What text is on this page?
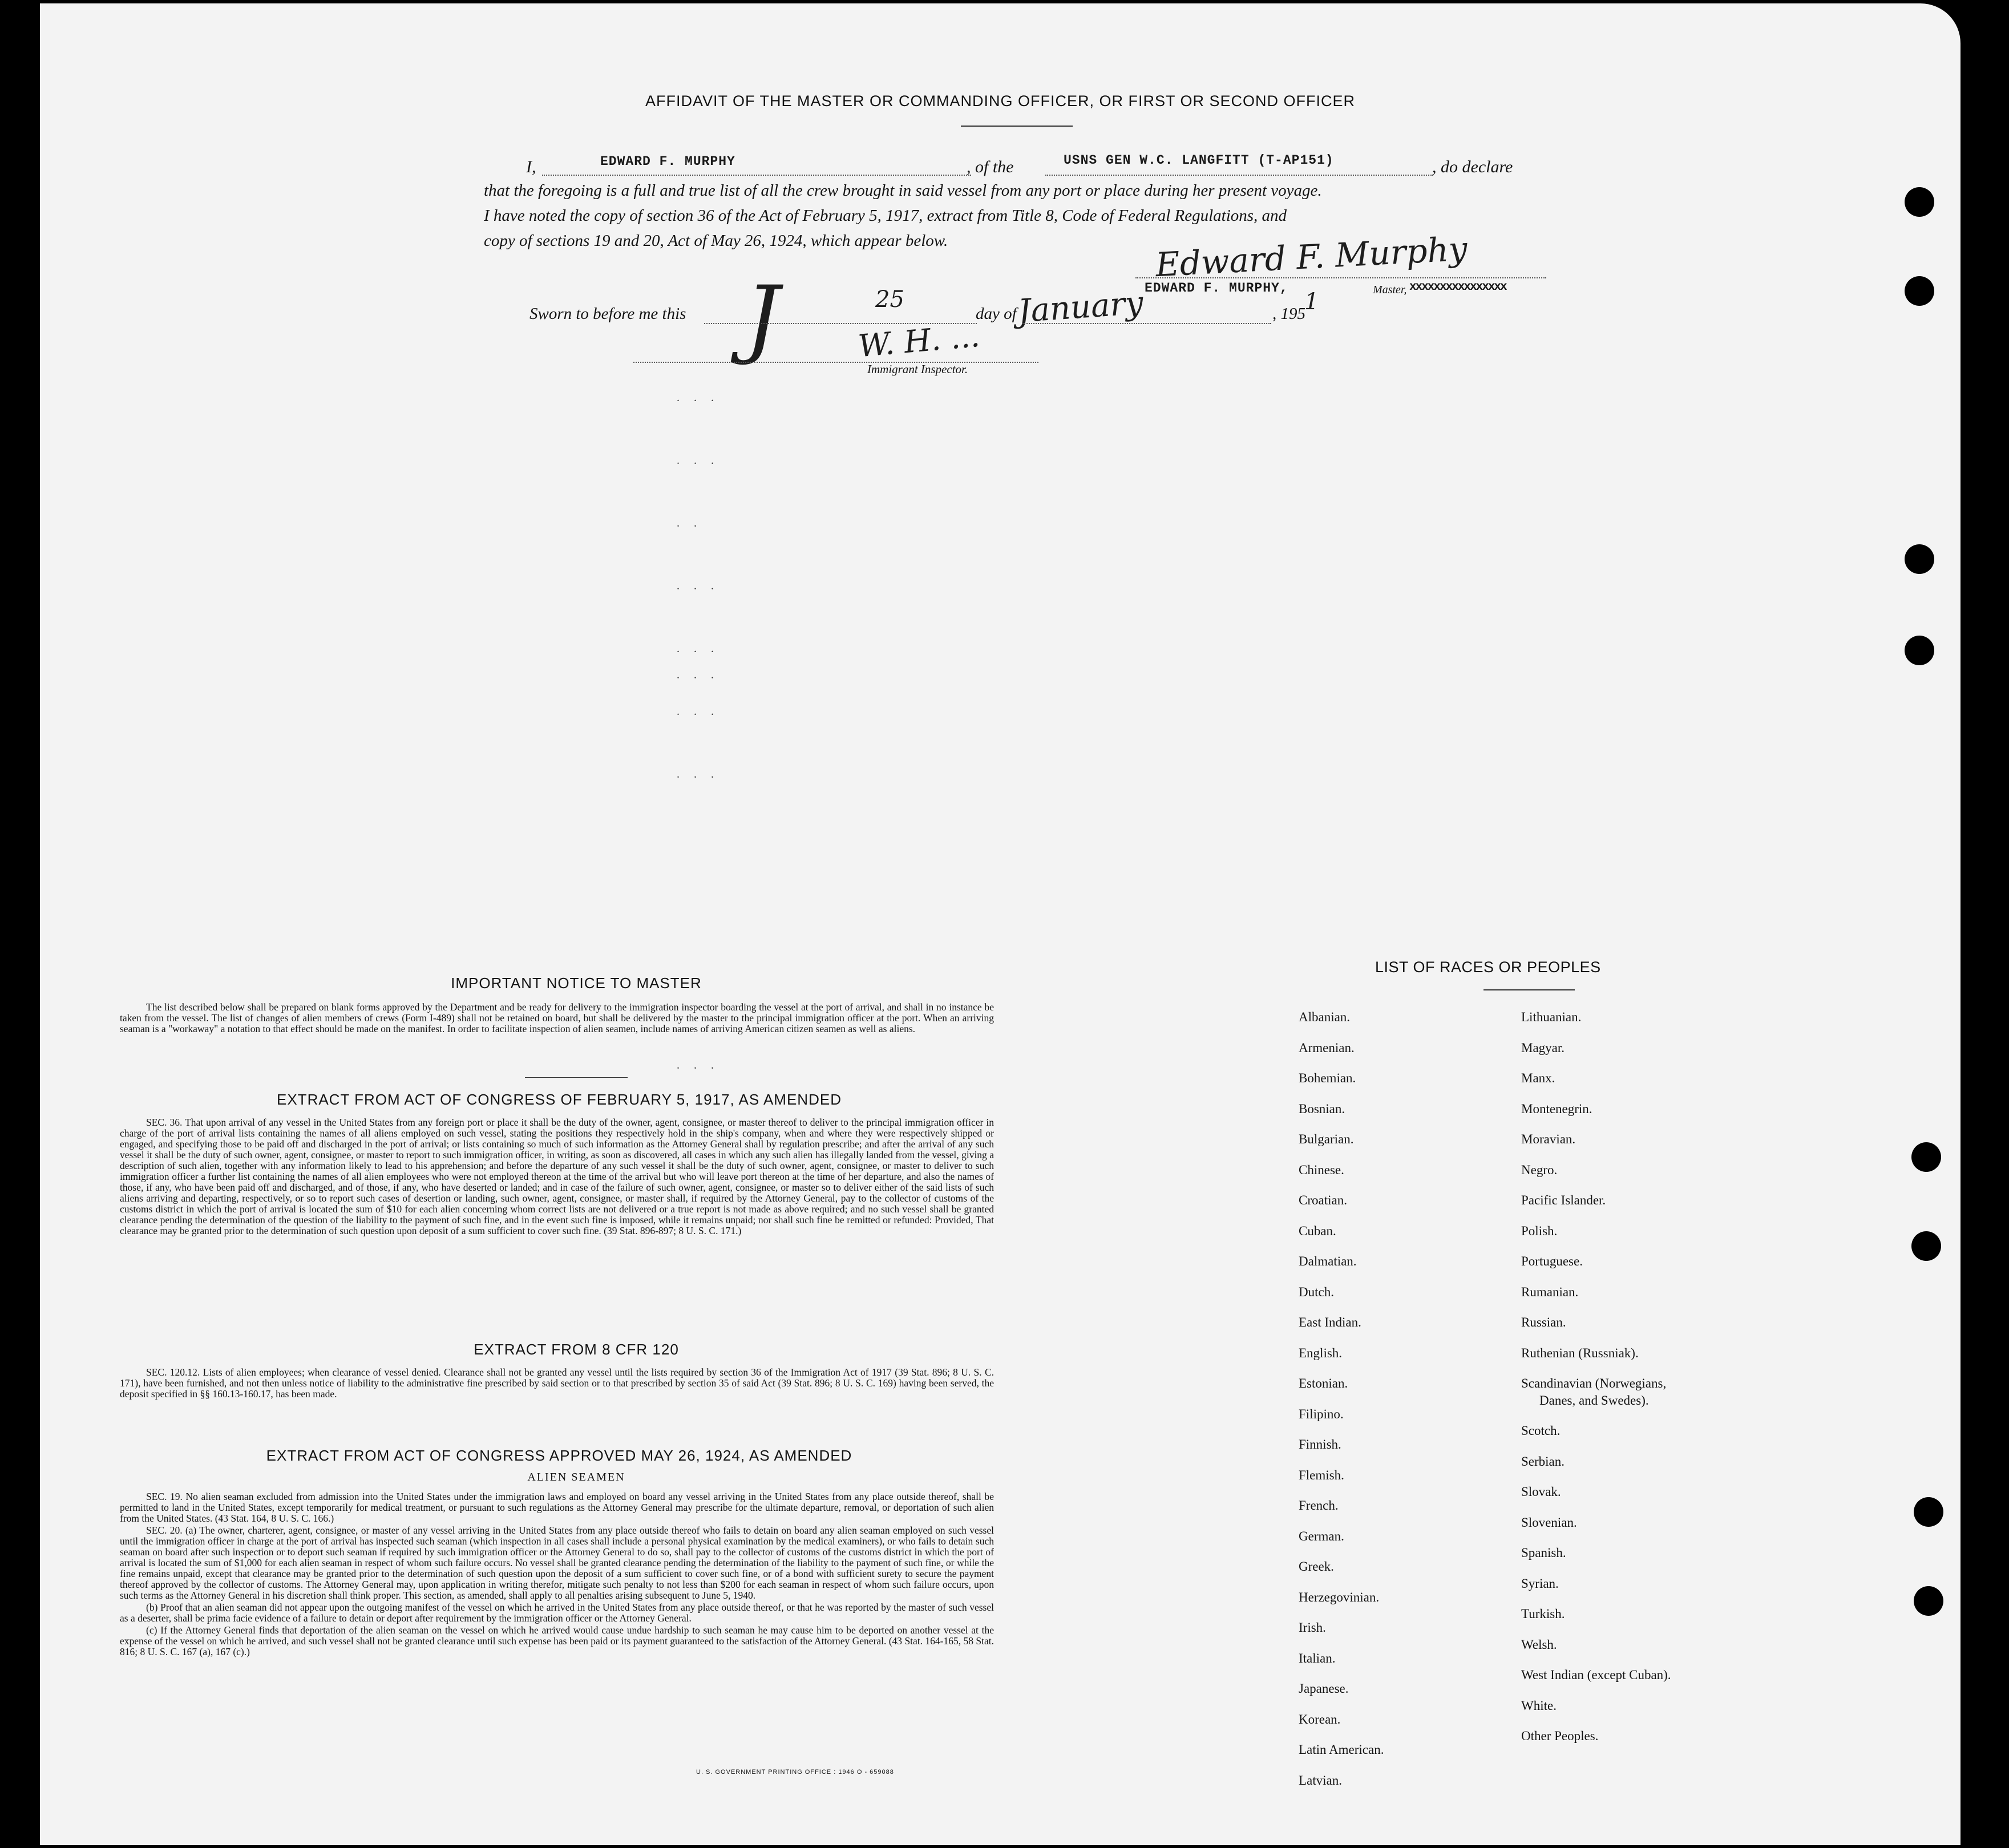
AFFIDAVIT OF THE MASTER OR COMMANDING OFFICER, OR FIRST OR SECOND OFFICER
I,	EDWARD F. MURPHY	, of the	USNS GEN W.C. LANGFITT (T-AP151)	, do declare
that the foregoing is a full and true list of all the crew brought in said vessel from any port or place during her present voyage.
I have noted the copy of section 36 of the Act of February 5, 1917, extract from Title 8, Code of Federal Regulations, and
copy of sections 19 and 20, Act of May 26, 1924, which appear below.	Edward F. Murphy
EDWARD F. MURPHY,	Master, xxxxxxxxxxxxxxxx
Sworn to before me this J	25
day of January	, 195
1
W. H. ...
Immigrant Inspector.
. . .
. . .
. .
. . .
. . .
. . .
. . .
. . .
. . .
IMPORTANT NOTICE TO MASTER
The list described below shall be prepared on blank forms approved by the Department and be ready for delivery to the immigration inspector boarding the vessel at the port of arrival, and shall in no instance be taken from the vessel. The list of changes of alien members of crews (Form I-489) shall not be retained on board, but shall be delivered by the master to the principal immigration officer at the port. When an arriving seaman is a "workaway" a notation to that effect should be made on the manifest. In order to facilitate inspection of alien seamen, include names of arriving American citizen seamen as well as aliens.
EXTRACT FROM ACT OF CONGRESS OF FEBRUARY 5, 1917, AS AMENDED
SEC. 36. That upon arrival of any vessel in the United States from any foreign port or place it shall be the duty of the owner, agent, consignee, or master thereof to deliver to the principal immigration officer in charge of the port of arrival lists containing the names of all aliens employed on such vessel, stating the positions they respectively hold in the ship's company, when and where they were respectively shipped or engaged, and specifying those to be paid off and discharged in the port of arrival; or lists containing so much of such information as the Attorney General shall by regulation prescribe; and after the arrival of any such vessel it shall be the duty of such owner, agent, consignee, or master to report to such immigration officer, in writing, as soon as discovered, all cases in which any such alien has illegally landed from the vessel, giving a description of such alien, together with any information likely to lead to his apprehension; and before the departure of any such vessel it shall be the duty of such owner, agent, consignee, or master to deliver to such immigration officer a further list containing the names of all alien employees who were not employed thereon at the time of the arrival but who will leave port thereon at the time of her departure, and also the names of those, if any, who have been paid off and discharged, and of those, if any, who have deserted or landed; and in case of the failure of such owner, agent, consignee, or master so to deliver either of the said lists of such aliens arriving and departing, respectively, or so to report such cases of desertion or landing, such owner, agent, consignee, or master shall, if required by the Attorney General, pay to the collector of customs of the customs district in which the port of arrival is located the sum of $10 for each alien concerning whom correct lists are not delivered or a true report is not made as above required; and no such vessel shall be granted clearance pending the determination of the question of the liability to the payment of such fine, and in the event such fine is imposed, while it remains unpaid; nor shall such fine be remitted or refunded: Provided, That clearance may be granted prior to the determination of such question upon deposit of a sum sufficient to cover such fine. (39 Stat. 896-897; 8 U. S. C. 171.)
EXTRACT FROM 8 CFR 120
SEC. 120.12. Lists of alien employees; when clearance of vessel denied. Clearance shall not be granted any vessel until the lists required by section 36 of the Immigration Act of 1917 (39 Stat. 896; 8 U. S. C. 171), have been furnished, and not then unless notice of liability to the administrative fine prescribed by said section or to that prescribed by section 35 of said Act (39 Stat. 896; 8 U. S. C. 169) having been served, the deposit specified in §§ 160.13-160.17, has been made.
EXTRACT FROM ACT OF CONGRESS APPROVED MAY 26, 1924, AS AMENDED
ALIEN SEAMEN

SEC. 19. No alien seaman excluded from admission into the United States under the immigration laws and employed on board any vessel arriving in the United States from any place outside thereof, shall be permitted to land in the United States, except temporarily for medical treatment, or pursuant to such regulations as the Attorney General may prescribe for the ultimate departure, removal, or deportation of such alien from the United States. (43 Stat. 164, 8 U. S. C. 166.)

SEC. 20. (a) The owner, charterer, agent, consignee, or master of any vessel arriving in the United States from any place outside thereof who fails to detain on board any alien seaman employed on such vessel until the immigration officer in charge at the port of arrival has inspected such seaman (which inspection in all cases shall include a personal physical examination by the medical examiners), or who fails to detain such seaman on board after such inspection or to deport such seaman if required by such immigration officer or the Attorney General to do so, shall pay to the collector of customs of the customs district in which the port of arrival is located the sum of $1,000 for each alien seaman in respect of whom such failure occurs. No vessel shall be granted clearance pending the determination of the liability to the payment of such fine, or while the fine remains unpaid, except that clearance may be granted prior to the determination of such question upon the deposit of a sum sufficient to cover such fine, or of a bond with sufficient surety to secure the payment thereof approved by the collector of customs. The Attorney General may, upon application in writing therefor, mitigate such penalty to not less than $200 for each seaman in respect of whom such failure occurs, upon such terms as the Attorney General in his discretion shall think proper. This section, as amended, shall apply to all penalties arising subsequent to June 5, 1940.

(b) Proof that an alien seaman did not appear upon the outgoing manifest of the vessel on which he arrived in the United States from any place outside thereof, or that he was reported by the master of such vessel as a deserter, shall be prima facie evidence of a failure to detain or deport after requirement by the immigration officer or the Attorney General.

(c) If the Attorney General finds that deportation of the alien seaman on the vessel on which he arrived would cause undue hardship to such seaman he may cause him to be deported on another vessel at the expense of the vessel on which he arrived, and such vessel shall not be granted clearance until such expense has been paid or its payment guaranteed to the satisfaction of the Attorney General. (43 Stat. 164-165, 58 Stat. 816; 8 U. S. C. 167 (a), 167 (c).)

U. S. GOVERNMENT PRINTING OFFICE : 1946 O - 659088
LIST OF RACES OR PEOPLES
Albanian.
Armenian.
Bohemian.
Bosnian.
Bulgarian.
Chinese.
Croatian.
Cuban.
Dalmatian.
Dutch.
East Indian.
English.
Estonian.
Filipino.
Finnish.
Flemish.
French.
German.
Greek.
Herzegovinian.
Irish.
Italian.
Japanese.
Korean.
Latin American.
Latvian.
Lithuanian.
Magyar.
Manx.
Montenegrin.
Moravian.
Negro.
Pacific Islander.
Polish.
Portuguese.
Rumanian.
Russian.
Ruthenian (Russniak).
Scandinavian (Norwegians,
Danes, and Swedes).
Scotch.
Serbian.
Slovak.
Slovenian.
Spanish.
Syrian.
Turkish.
Welsh.
West Indian (except Cuban).
White.
Other Peoples.
